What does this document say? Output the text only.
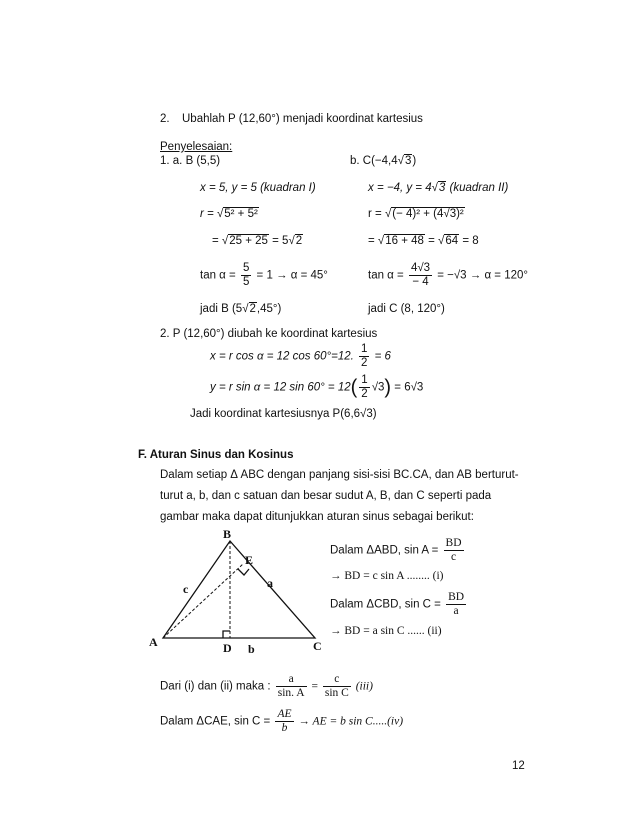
2. Ubahlah P (12,60°) menjadi koordinat kartesius
Penyelesaian:
1. a. B (5,5)
x = 5, y = 5 (kuadran I)
r = √5² + 5²
= √25 + 25 = 5√2
$\tan \alpha = \frac{5}{5} = 1 \to \alpha = 45^\circ$
jadi B (5√2,45°)
b. C(−4,4√3)
x = −4, y = 4√3 (kuadran II)
r = √(− 4)² + (4√3)²
= √16 + 48 = √64 = 8
$\tan \alpha = \frac{4√3}{- 4} = -√3 \to \alpha = 120^\circ$
jadi C (8, 120°)
2. P (12,60°) diubah ke koordinat kartesius
x = r cos α = 12 cos 60°=12. $\frac{1}{2} = 6$
y = r sin α = 12 $\sin 60^\circ = 12( \frac{1}{2} √3) = 6√3$
Jadi koordinat kartesiusnya P(6,6√3)
F. Aturan Sinus dan Kosinus
Dalam setiap Δ ABC dengan panjang sisi-sisi BC.CA, dan AB berturut-
turut a, b, dan c satuan dan besar sudut A, B, dan C seperti pada
gambar maka dapat ditunjukkan aturan sinus sebagai berikut:
B
A	C
D
E
a
b
c
Dalam ΔABD, $\sin A = \frac{BD}{c}$
→ BD = c sin A ........ (i)
Dalam ΔCBD, $\sin C = \frac{BD}{a}$
→ BD = a sin C ...... (ii)
Dari (i) dan (ii) maka : $\frac{a}{\sin. A} = \frac{c}{\text{sin C}} (iii)$
Dalam ΔCAE, $\sin C = \frac{AE}{b}$ → AE = b sin C.....(iv)
12
